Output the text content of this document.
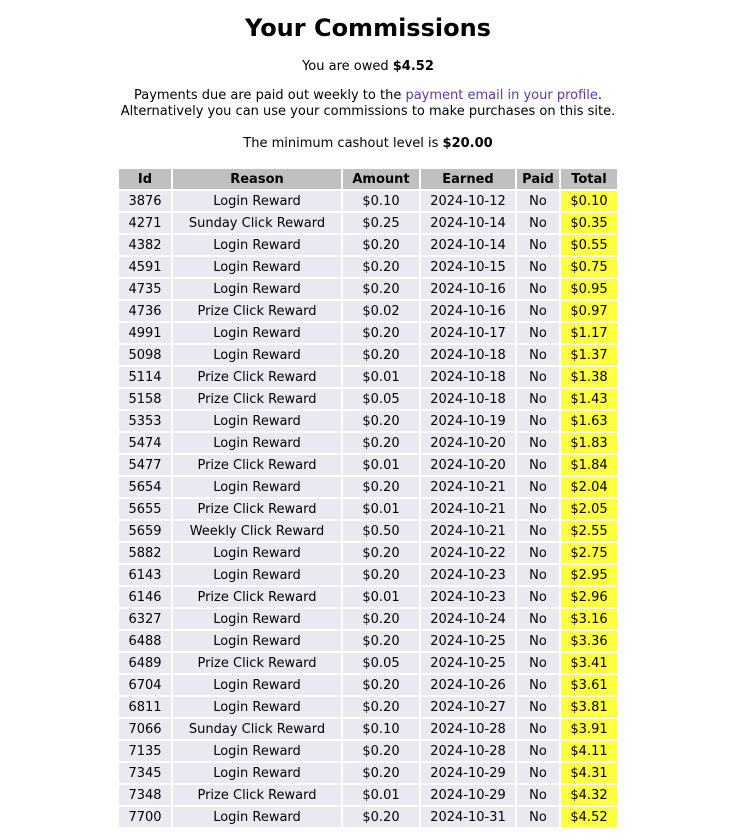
Your Commissions

You are owed $4.52

Payments due are paid out weekly to the payment email in your profile.
Alternatively you can use your commissions to make purchases on this site.

The minimum cashout level is $20.00

Id	Reason	Amount	Earned	Paid	Total
3876	Login Reward	$0.10	2024-10-12	No	$0.10
4271	Sunday Click Reward	$0.25	2024-10-14	No	$0.35
4382	Login Reward	$0.20	2024-10-14	No	$0.55
4591	Login Reward	$0.20	2024-10-15	No	$0.75
4735	Login Reward	$0.20	2024-10-16	No	$0.95
4736	Prize Click Reward	$0.02	2024-10-16	No	$0.97
4991	Login Reward	$0.20	2024-10-17	No	$1.17
5098	Login Reward	$0.20	2024-10-18	No	$1.37
5114	Prize Click Reward	$0.01	2024-10-18	No	$1.38
5158	Prize Click Reward	$0.05	2024-10-18	No	$1.43
5353	Login Reward	$0.20	2024-10-19	No	$1.63
5474	Login Reward	$0.20	2024-10-20	No	$1.83
5477	Prize Click Reward	$0.01	2024-10-20	No	$1.84
5654	Login Reward	$0.20	2024-10-21	No	$2.04
5655	Prize Click Reward	$0.01	2024-10-21	No	$2.05
5659	Weekly Click Reward	$0.50	2024-10-21	No	$2.55
5882	Login Reward	$0.20	2024-10-22	No	$2.75
6143	Login Reward	$0.20	2024-10-23	No	$2.95
6146	Prize Click Reward	$0.01	2024-10-23	No	$2.96
6327	Login Reward	$0.20	2024-10-24	No	$3.16
6488	Login Reward	$0.20	2024-10-25	No	$3.36
6489	Prize Click Reward	$0.05	2024-10-25	No	$3.41
6704	Login Reward	$0.20	2024-10-26	No	$3.61
6811	Login Reward	$0.20	2024-10-27	No	$3.81
7066	Sunday Click Reward	$0.10	2024-10-28	No	$3.91
7135	Login Reward	$0.20	2024-10-28	No	$4.11
7345	Login Reward	$0.20	2024-10-29	No	$4.31
7348	Prize Click Reward	$0.01	2024-10-29	No	$4.32
7700	Login Reward	$0.20	2024-10-31	No	$4.52
